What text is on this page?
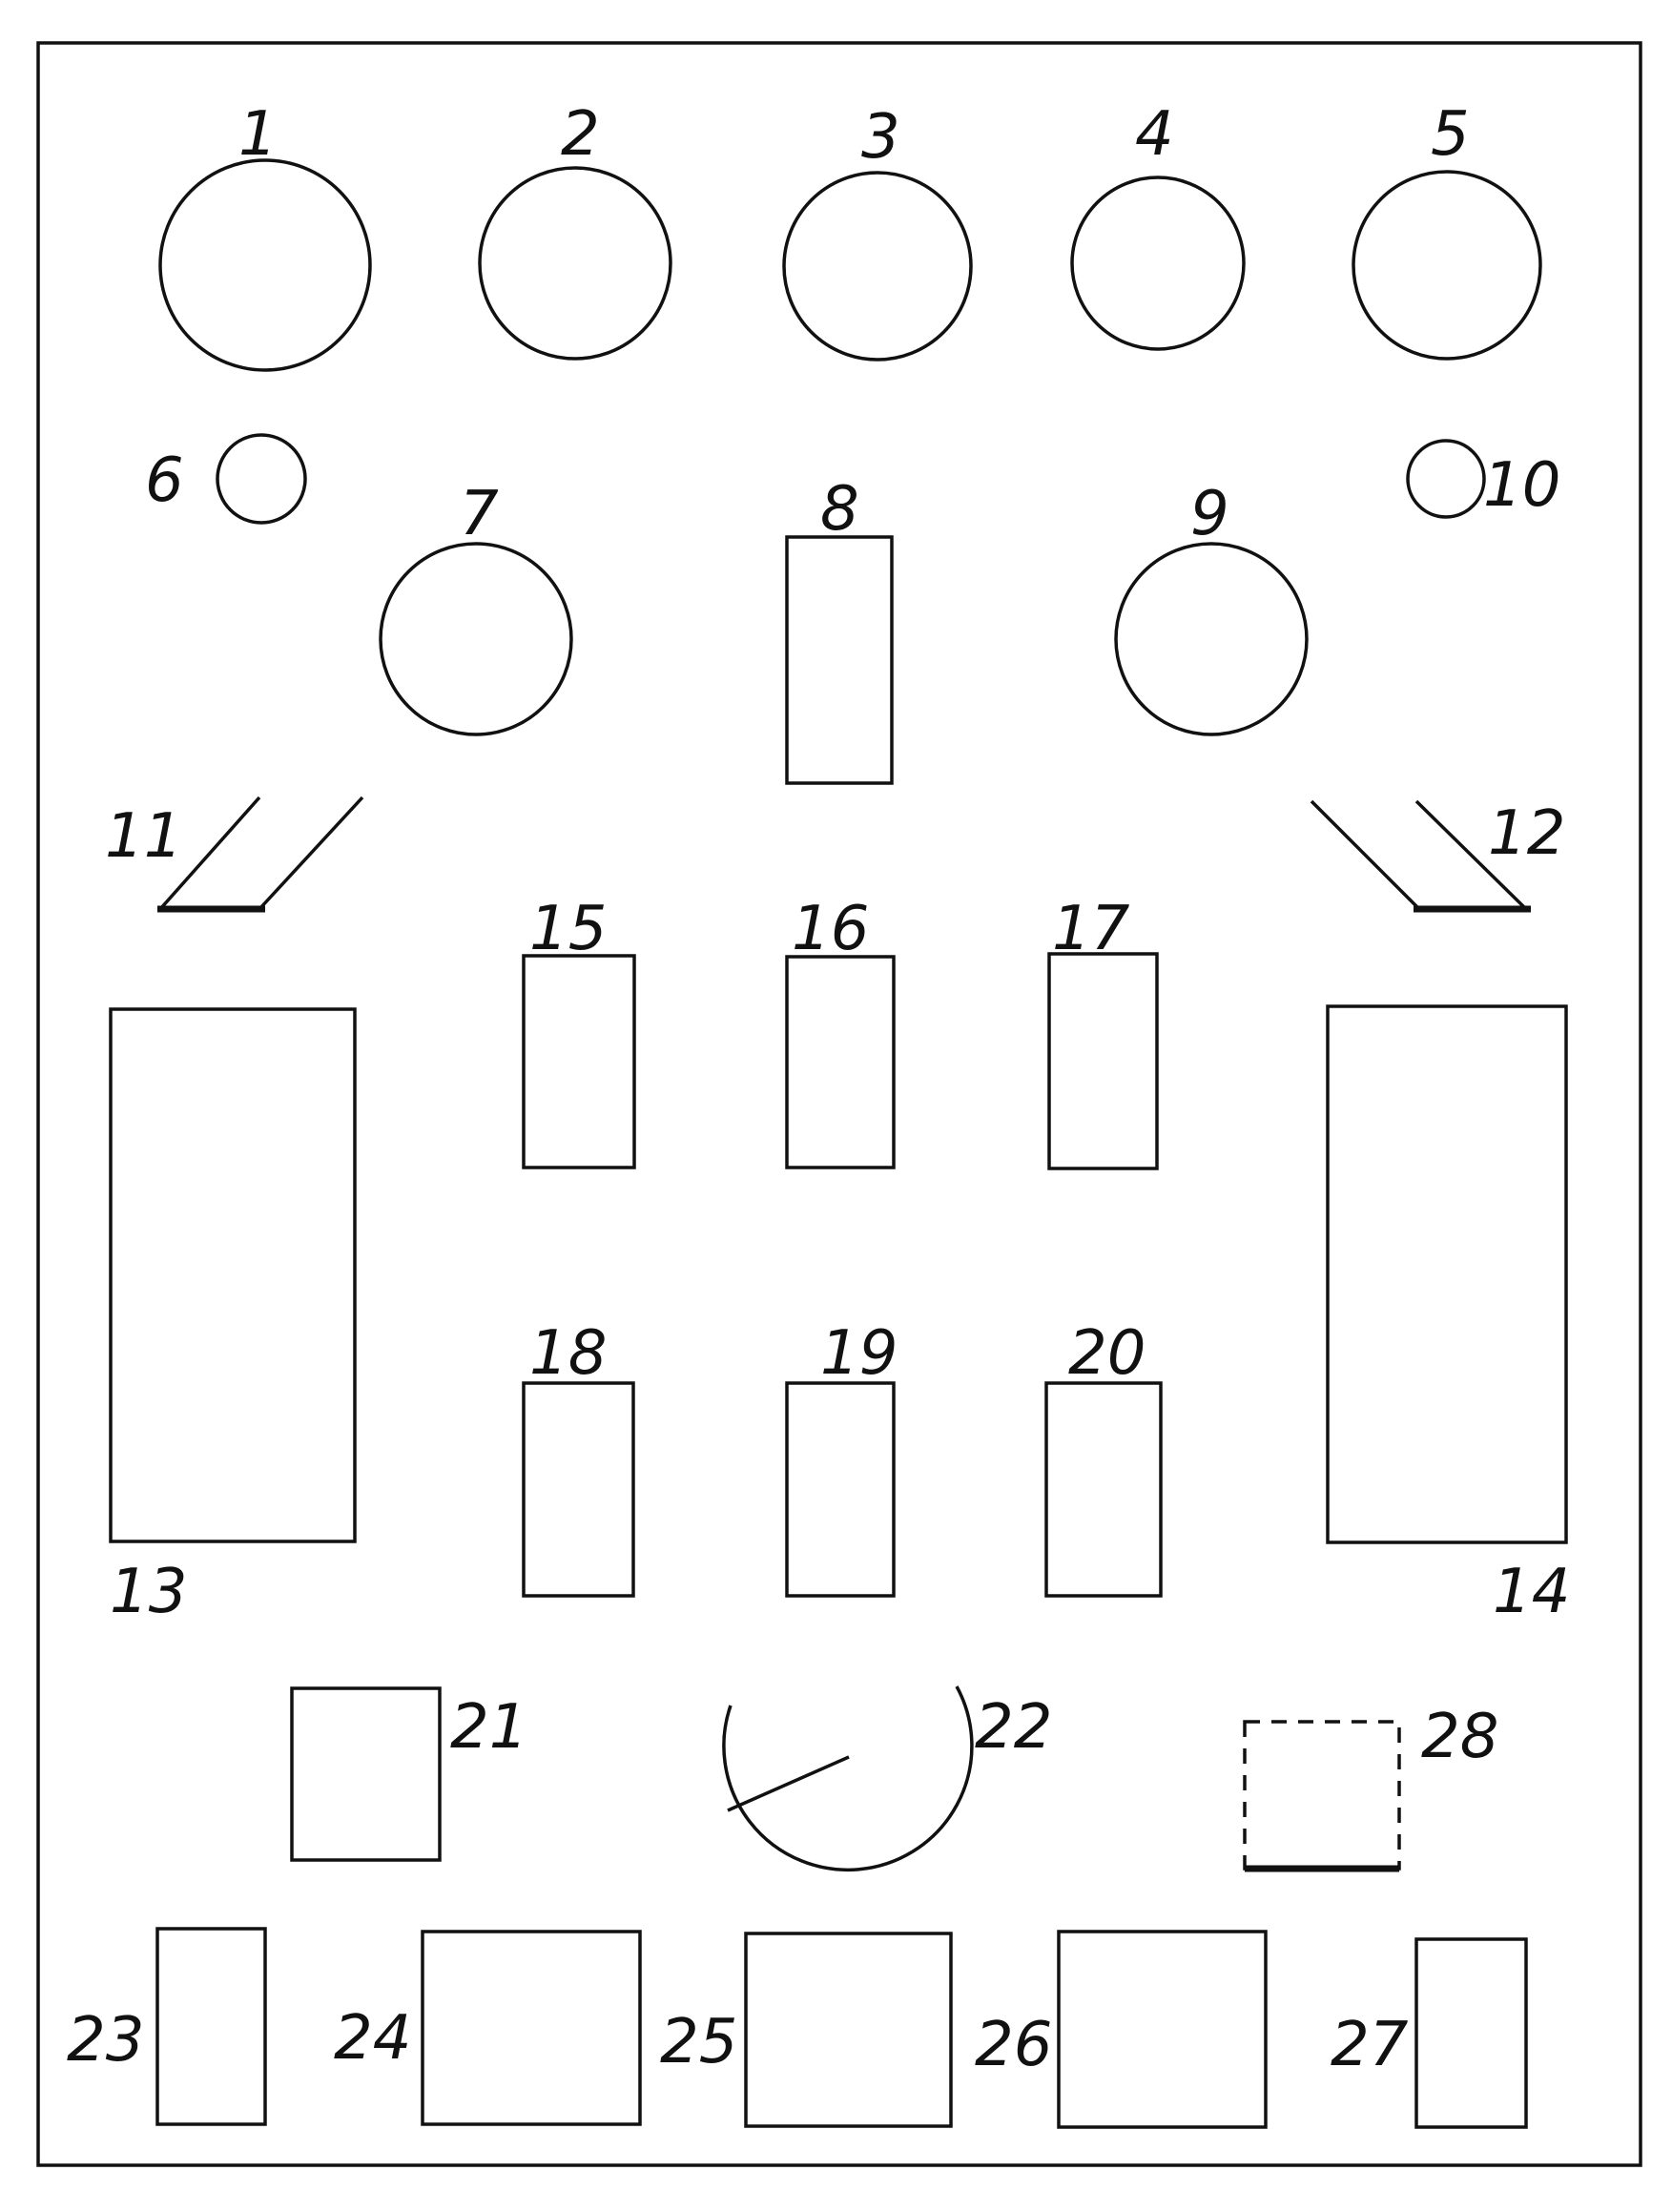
1	2	3	4	5
6	7	8	9	10
11	12
13	14
15	16	17
18	19	20
21	22
23	24	25	26	27
28
